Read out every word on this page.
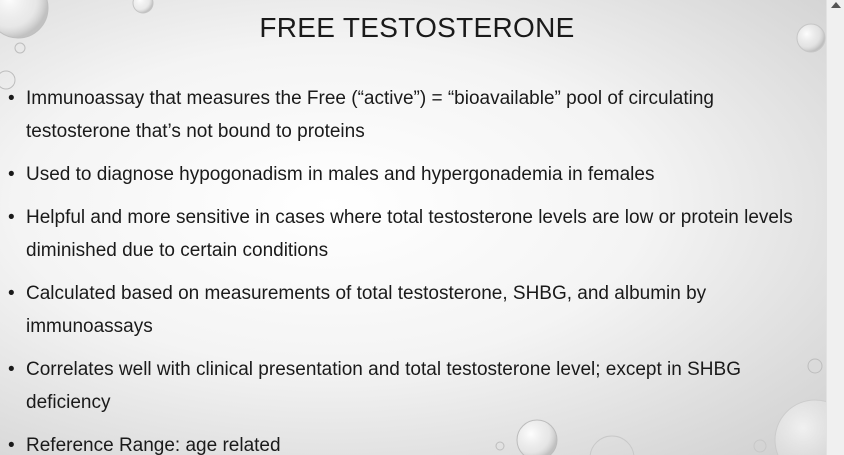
FREE TESTOSTERONE
• Immunoassay that measures the Free (“active”) = “bioavailable” pool of circulating testosterone that’s not bound to proteins
• Used to diagnose hypogonadism in males and hypergonademia in females
• Helpful and more sensitive in cases where total testosterone levels are low or protein levels diminished due to certain conditions
• Calculated based on measurements of total testosterone, SHBG, and albumin by immunoassays
• Correlates well with clinical presentation and total testosterone level; except in SHBG deficiency
• Reference Range: age related
